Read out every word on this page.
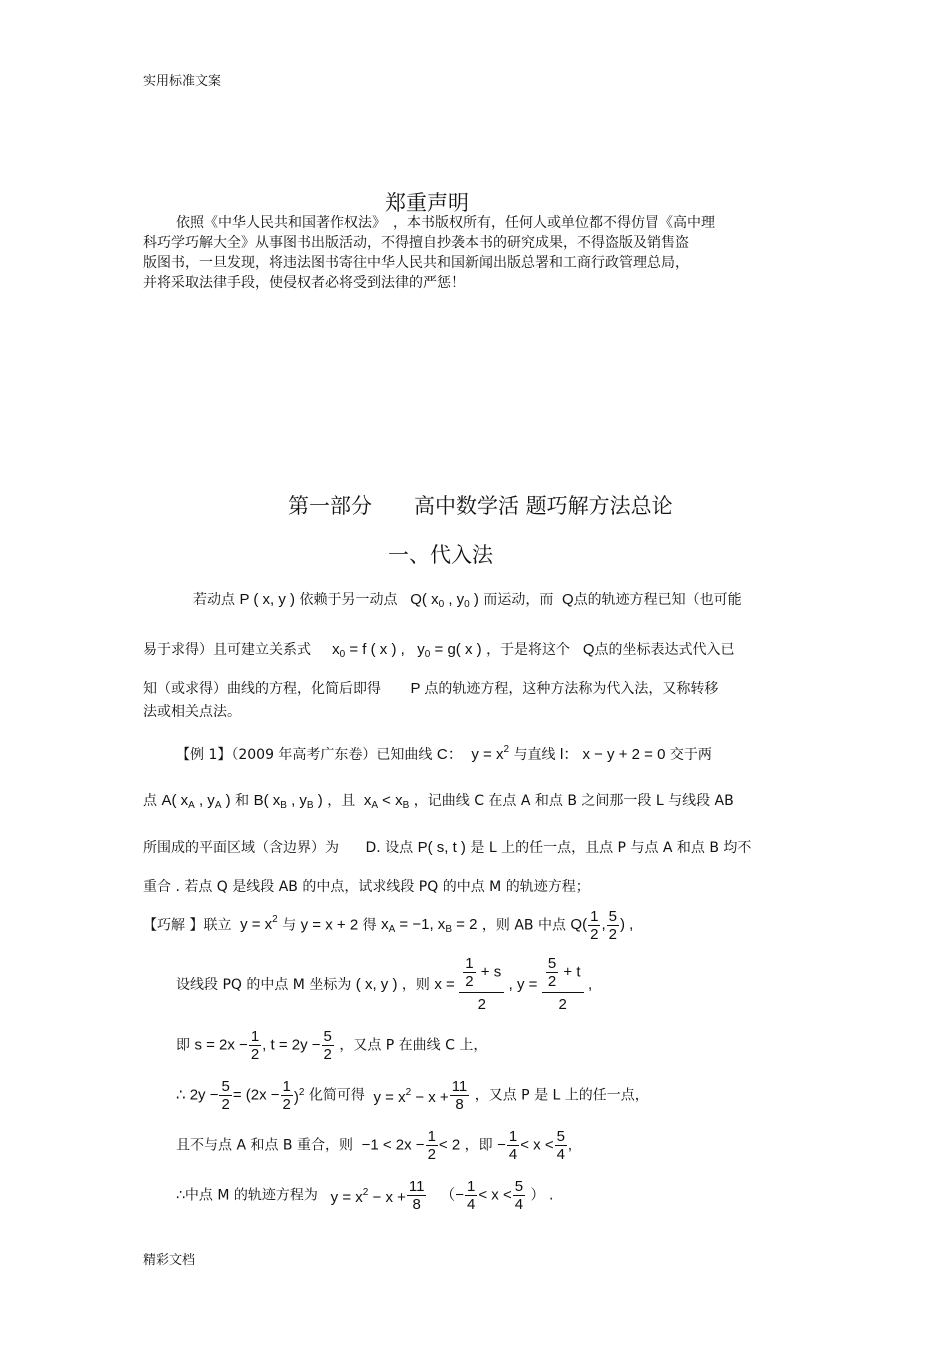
实用标准文案
郑重声明
依照《中华人民共和国著作权法》　，本书版权所有，任何人或单位都不得仿冒《高中理
科巧学巧解大全》从事图书出版活动，不得擅自抄袭本书的研究成果，不得盗版及销售盗
版图书，一旦发现，将违法图书寄往中华人民共和国新闻出版总署和工商行政管理总局，
并将采取法律手段，使侵权者必将受到法律的严惩！
第一部分　　高中数学活 题巧解方法总论
一、代入法
若动点 P ( x, y ) 依赖于另一动点   Q( $x_0$ , $y_0$ ) 而运动，而  Q点的轨迹方程已知（也可能
易于求得）且可建立关系式     $x_0 = f$ ( x ) ,   $y_0 = g$( x ) ，于是将这个   Q点的坐标表达式代入已
知（或求得）曲线的方程，化简后即得       P 点的轨迹方程，这种方法称为代入法，又称转移
法或相关点法。
【例 1】（2009 年高考广东卷）已知曲线 C： $y = x^2$ 与直线 l： x − y + 2 = 0 交于两
点 A( $x_A$ , $y_A$ ) 和 B( $x_B$ , $y_B$ ) ，且  $x_A < x_B$ ，记曲线 C 在点 A 和点 B 之间那一段 L 与线段 AB
所围成的平面区域（含边界）为 D. 设点 P( s, t ) 是 L 上的任一点，且点 P 与点 A 和点 B 均不
重合 . 若点 Q 是线段 AB 的中点，试求线段 PQ 的中点 M 的轨迹方程；
【巧解 】联立  $y = x^2$ 与 y = x + 2 得 $x_A = -1$, $x_B = 2$ ，则 AB 中点 $Q( \frac{1}{2}$ , $\frac{5}{2}$ ) ,
设线段 PQ 的中点 M 坐标为 ( x, y ) ，则 $x = \frac{\frac{1}{2} + s}{2}$ , $y = \frac{\frac{5}{2} + t}{2}$ ,
即 $s = 2x - \frac{1}{2}$ , $t = 2y - \frac{5}{2}$ ，又点 P 在曲线 C 上，
∴ $2y - \frac{5}{2} = (2x - \frac{1}{2} )^2$ 化简可得  $y = x^2 - x + \frac{11}{8}$ ，又点 P 是 L 上的任一点，
且不与点 A 和点 B 重合，则  $-1 < 2x - \frac{1}{2} < 2$ ，即 − $\frac{1}{4} < x < \frac{5}{4}$ ,
∴中点 M 的轨迹方程为   $y = x^2 - x + \frac{11}{8}$ （− $\frac{1}{4} < x < \frac{5}{4}$ ） .
精彩文档
